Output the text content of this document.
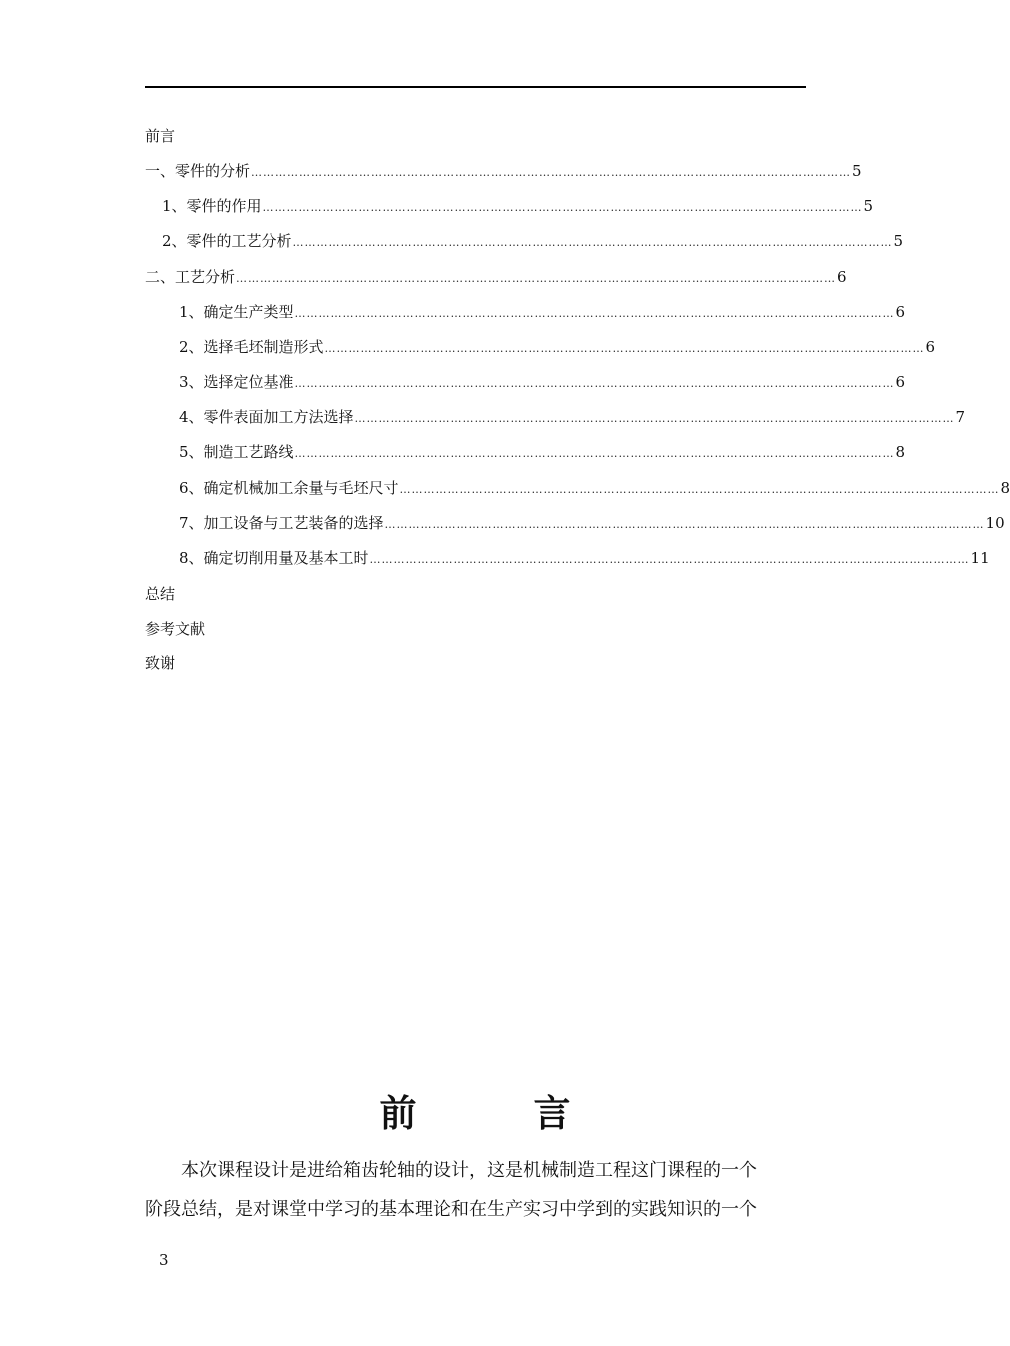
前言
一、零件的分析 …………………………………………………………………………………………………………………………………… 5
1、零件的作用 …………………………………………………………………………………………………………………………………… 5
2、零件的工艺分析 …………………………………………………………………………………………………………………………………… 5
二、工艺分析 …………………………………………………………………………………………………………………………………… 6
1、确定生产类型 …………………………………………………………………………………………………………………………………… 6
2、选择毛坯制造形式 …………………………………………………………………………………………………………………………………… 6
3、选择定位基准 …………………………………………………………………………………………………………………………………… 6
4、零件表面加工方法选择 …………………………………………………………………………………………………………………………………… 7
5、制造工艺路线 …………………………………………………………………………………………………………………………………… 8
6、确定机械加工余量与毛坯尺寸 …………………………………………………………………………………………………………………………………… 8
7、加工设备与工艺装备的选择 …………………………………………………………………………………………………………………………………… 10
8、确定切削用量及基本工时 …………………………………………………………………………………………………………………………………… 11
总结
参考文献
致谢
前　言
　　本次课程设计是进给箱齿轮轴的设计，这是机械制造工程这门课程的一个
阶段总结，是对课堂中学习的基本理论和在生产实习中学到的实践知识的一个
3
